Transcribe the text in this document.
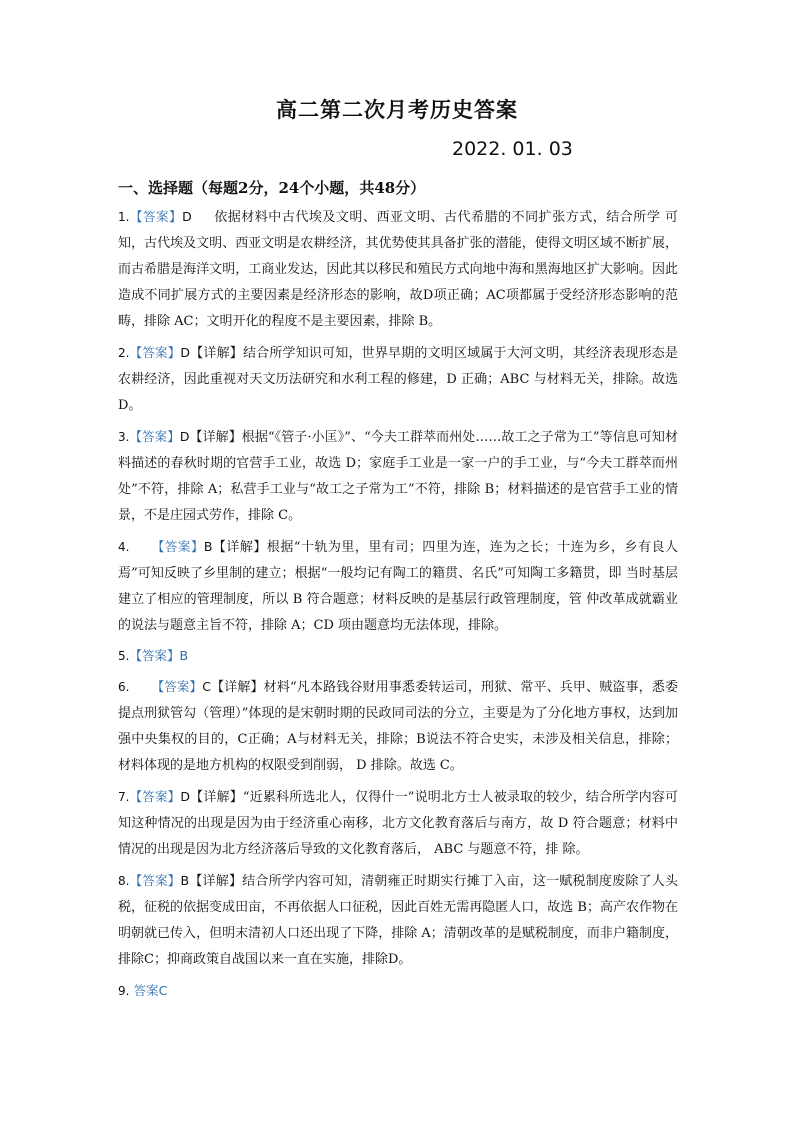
高二第二次月考历史答案
2022. 01. 03
一、选择题（每题2分，24个小题，共48分）
1.【答案】D 依据材料中古代埃及文明、西亚文明、古代希腊的不同扩张方式，结合所学 可知，古代埃及文明、西亚文明是农耕经济，其优势使其具备扩张的潜能，使得文明区域不断扩展，而古希腊是海洋文明，工商业发达，因此其以移民和殖民方式向地中海和黑海地区扩大影响。因此造成不同扩展方式的主要因素是经济形态的影响，故D项正确；AC项都属于受经济形态影响的范畴，排除 AC；文明开化的程度不是主要因素，排除 B。
2.【答案】D【详解】结合所学知识可知，世界早期的文明区域属于大河文明，其经济表现形态是农耕经济，因此重视对天文历法研究和水利工程的修建，D 正确；ABC 与材料无关，排除。故选D。
3.【答案】D【详解】根据“《管子·小匡》”、“今夫工群萃而州处……故工之子常为工”等信息可知材料描述的春秋时期的官营手工业，故选 D；家庭手工业是一家一户的手工业，与“今夫工群萃而州处”不符，排除 A；私营手工业与“故工之子常为工”不符，排除 B；材料描述的是官营手工业的情景，不是庄园式劳作，排除 C。
4. 【答案】B【详解】根据“十轨为里，里有司；四里为连，连为之长；十连为乡，乡有良人焉”可知反映了乡里制的建立；根据“一般均记有陶工的籍贯、名氏”可知陶工多籍贯，即 当时基层建立了相应的管理制度，所以 B 符合题意；材料反映的是基层行政管理制度，管 仲改革成就霸业的说法与题意主旨不符，排除 A；CD 项由题意均无法体现，排除。
5.【答案】B
6. 【答案】C【详解】材料“凡本路钱谷财用事悉委转运司，刑狱、常平、兵甲、贼盗事，悉委提点刑狱管勾（管理）”体现的是宋朝时期的民政同司法的分立，主要是为了分化地方事权，达到加强中央集权的目的，C正确；A与材料无关，排除；B说法不符合史实，未涉及相关信息，排除；材料体现的是地方机构的权限受到削弱， D 排除。故选 C。
7.【答案】D【详解】“近累科所选北人，仅得什一”说明北方士人被录取的较少，结合所学内容可知这种情况的出现是因为由于经济重心南移，北方文化教育落后与南方，故 D 符合题意；材料中情况的出现是因为北方经济落后导致的文化教育落后， ABC 与题意不符，排 除。
8.【答案】B【详解】结合所学内容可知，清朝雍正时期实行摊丁入亩，这一赋税制度废除了人头税，征税的依据变成田亩，不再依据人口征税，因此百姓无需再隐匿人口，故选 B；高产农作物在明朝就已传入，但明末清初人口还出现了下降，排除 A；清朝改革的是赋税制度，而非户籍制度，排除C；抑商政策自战国以来一直在实施，排除D。
9. 答案C
